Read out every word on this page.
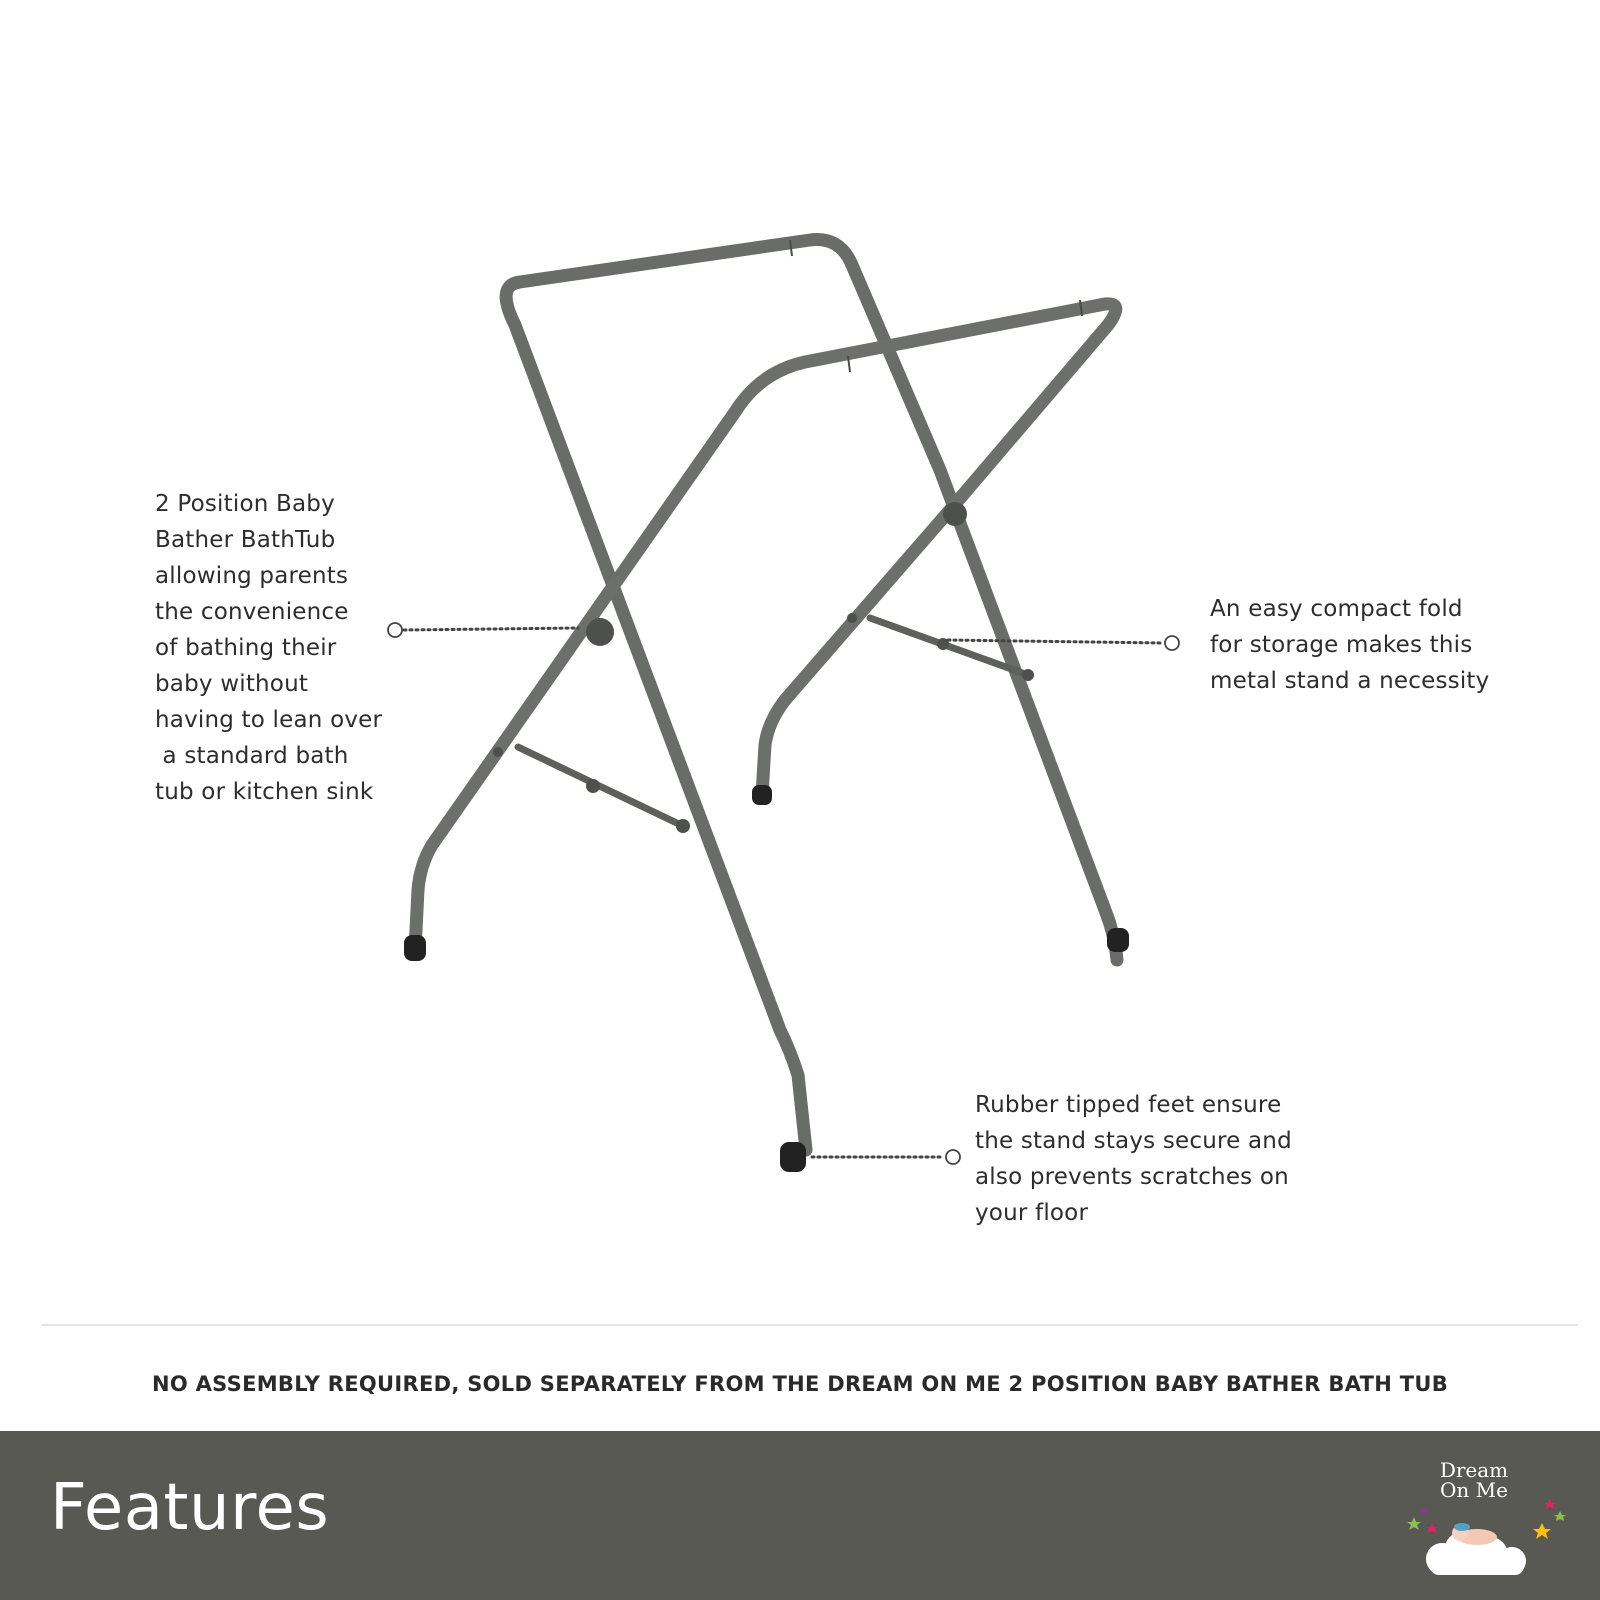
2 Position Baby
Bather BathTub
allowing parents
the convenience
of bathing their
baby without
having to lean over
a standard bath
tub or kitchen sink
An easy compact fold
for storage makes this
metal stand a necessity
Rubber tipped feet ensure
the stand stays secure and
also prevents scratches on
your floor
NO ASSEMBLY REQUIRED, SOLD SEPARATELY FROM THE DREAM ON ME 2 POSITION BABY BATHER BATH TUB
Features
Dream
On Me
